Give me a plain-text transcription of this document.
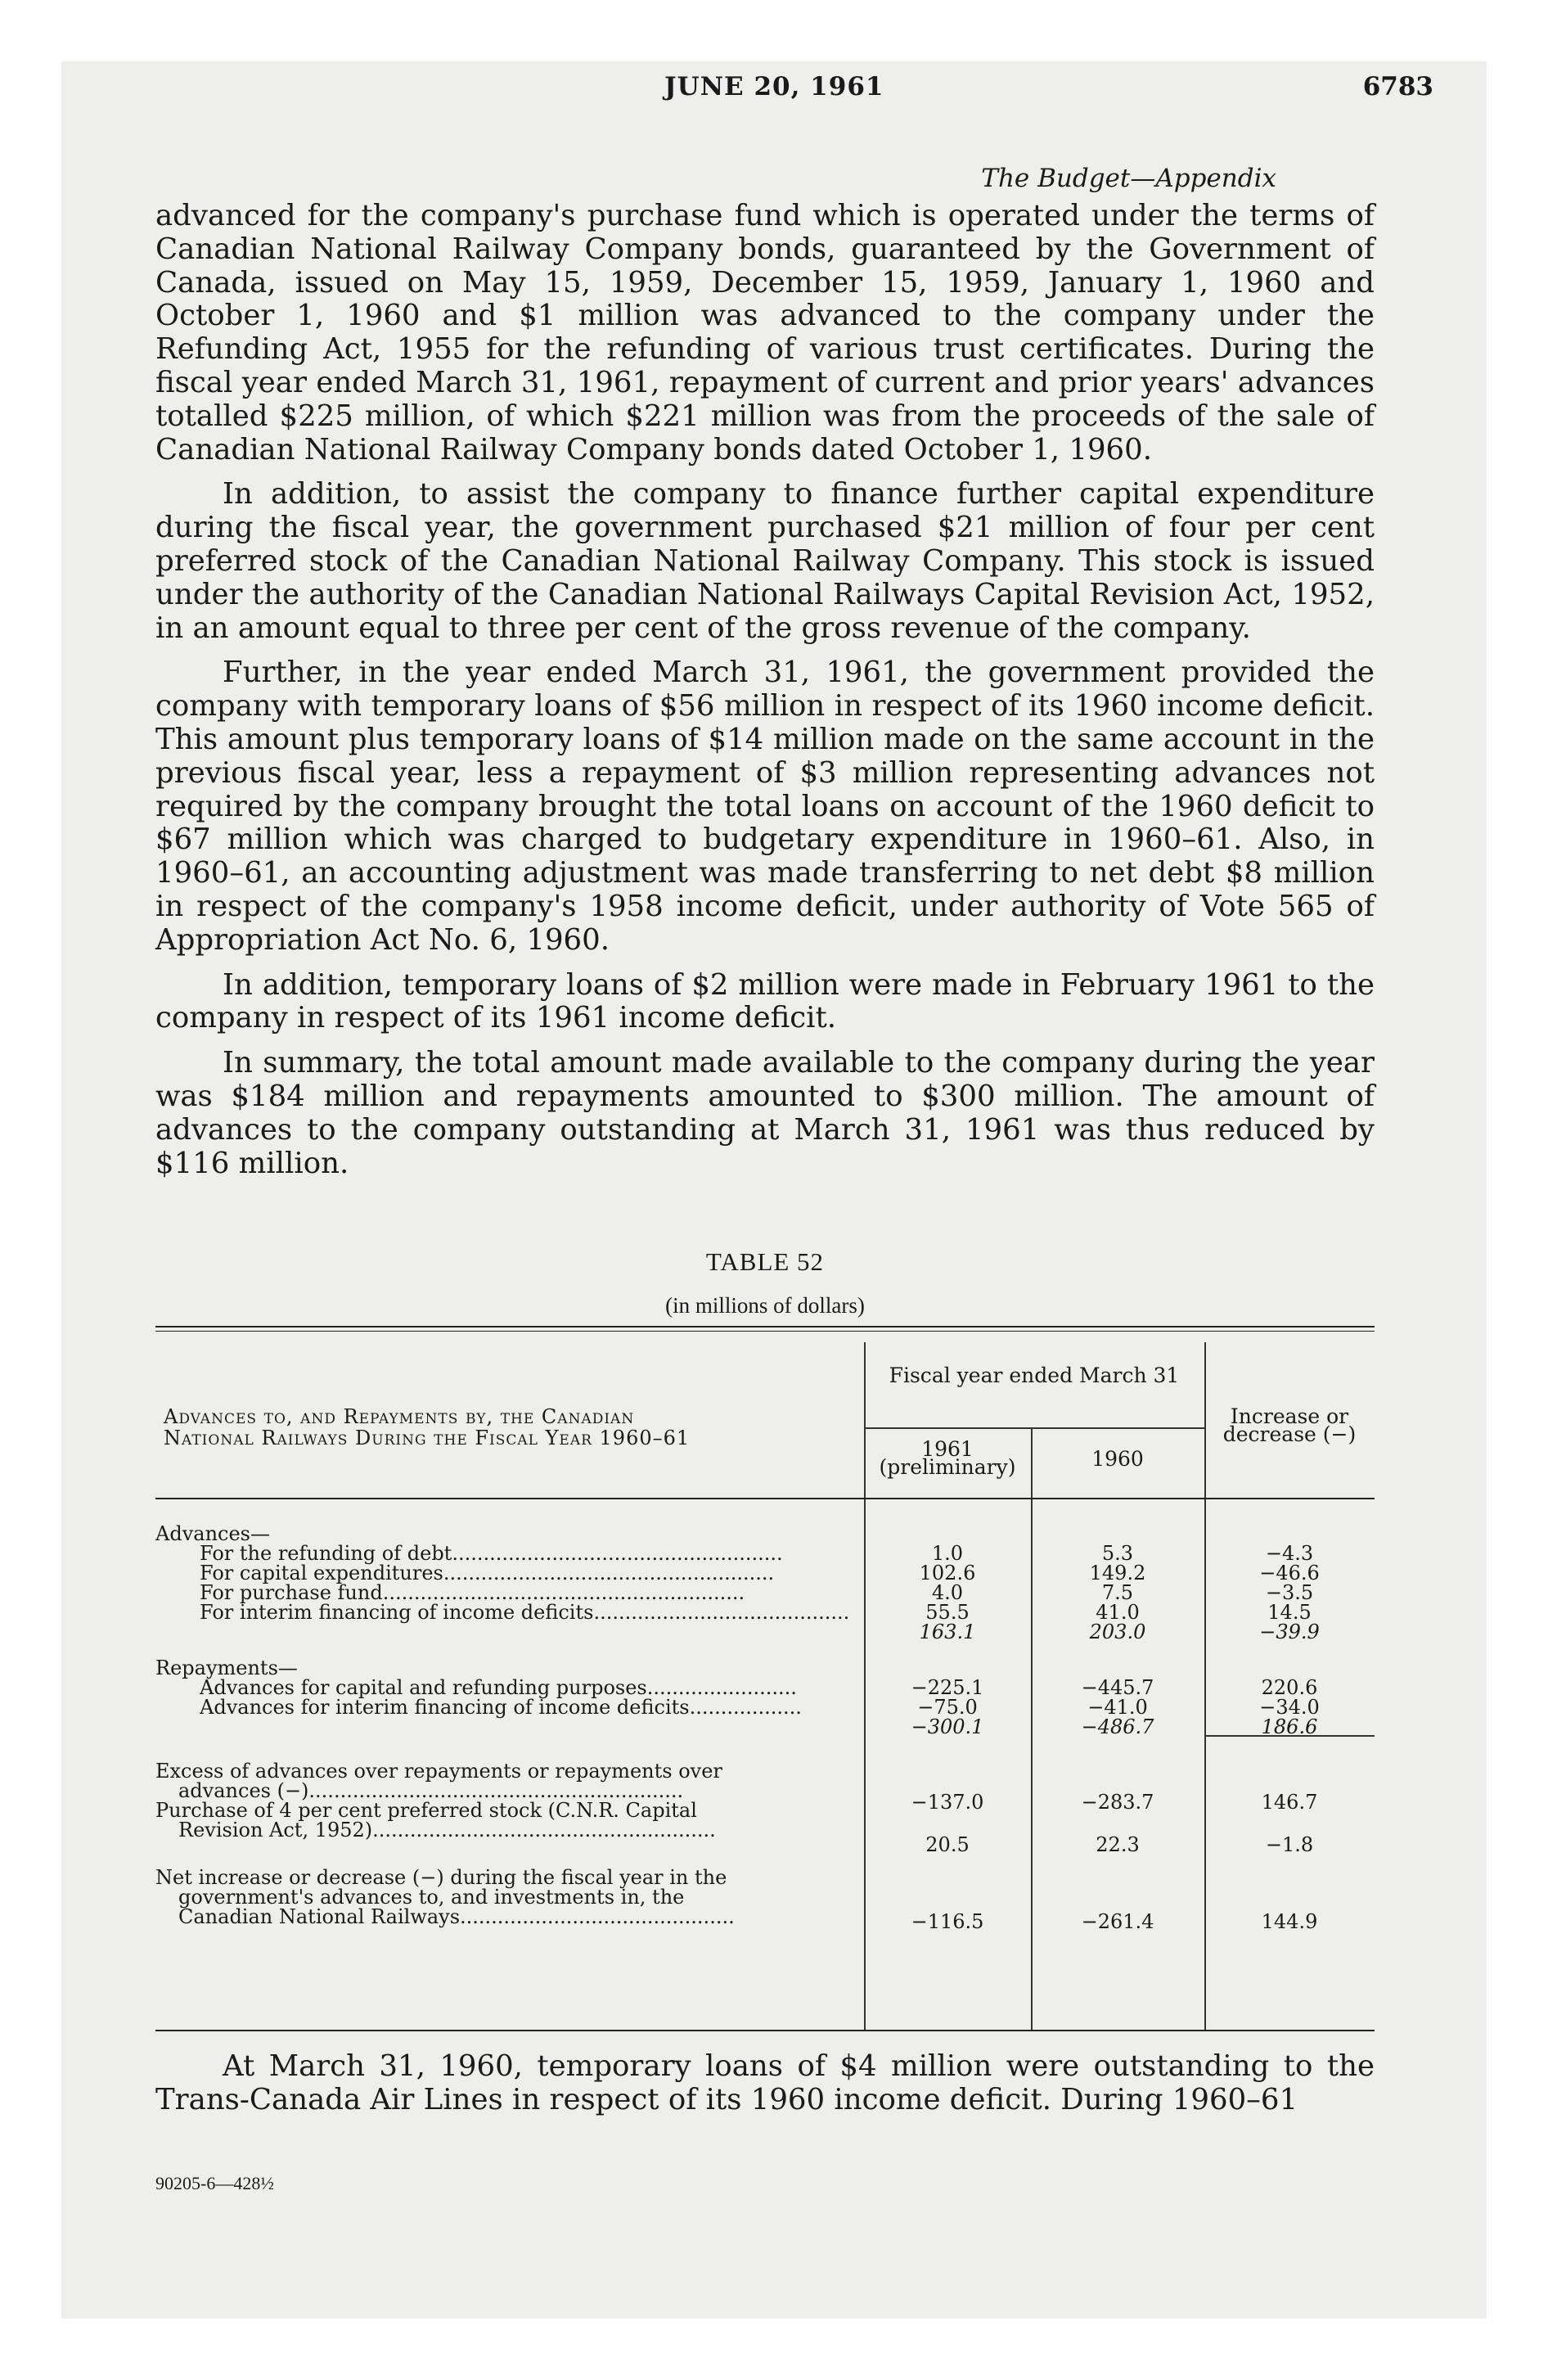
JUNE 20, 1961	6783
The Budget—Appendix

advanced for the company's purchase fund which is operated under the terms of Canadian National Railway Company bonds, guaranteed by the Government of Canada, issued on May 15, 1959, December 15, 1959, January 1, 1960 and October 1, 1960 and $1 million was advanced to the company under the Refunding Act, 1955 for the refunding of various trust certificates. During the fiscal year ended March 31, 1961, repayment of current and prior years' advances totalled $225 million, of which $221 million was from the proceeds of the sale of Canadian National Railway Company bonds dated October 1, 1960.

In addition, to assist the company to finance further capital expenditure during the fiscal year, the government purchased $21 million of four per cent preferred stock of the Canadian National Railway Company. This stock is issued under the authority of the Canadian National Railways Capital Revision Act, 1952, in an amount equal to three per cent of the gross revenue of the company.

Further, in the year ended March 31, 1961, the government provided the company with temporary loans of $56 million in respect of its 1960 income deficit. This amount plus temporary loans of $14 million made on the same account in the previous fiscal year, less a repayment of $3 million representing advances not required by the company brought the total loans on account of the 1960 deficit to $67 million which was charged to budgetary expenditure in 1960–61. Also, in 1960–61, an accounting adjustment was made transferring to net debt $8 million in respect of the company's 1958 income deficit, under authority of Vote 565 of Appropriation Act No. 6, 1960.

In addition, temporary loans of $2 million were made in February 1961 to the company in respect of its 1961 income deficit.

In summary, the total amount made available to the company during the year was $184 million and repayments amounted to $300 million. The amount of advances to the company outstanding at March 31, 1961 was thus reduced by $116 million.

TABLE 52
(in millions of dollars)
Advances to, and Repayments by, the Canadian
National Railways During the Fiscal Year 1960–61
Fiscal year ended March 31
1961 (preliminary)	1960
Increase or decrease (−)
Advances—
For the refunding of debt.....................................................	1.0	5.3	−4.3
For capital expenditures.....................................................	102.6	149.2	−46.6
For purchase fund..........................................................	4.0	7.5	−3.5
For interim financing of income deficits.........................................	55.5	41.0	14.5
163.1	203.0	−39.9
Repayments—
Advances for capital and refunding purposes........................	−225.1	−445.7	220.6
Advances for interim financing of income deficits..................	−75.0	−41.0	−34.0
−300.1	−486.7	186.6
Excess of advances over repayments or repayments over
advances (−)............................................................	−137.0	−283.7	146.7
Purchase of 4 per cent preferred stock (C.N.R. Capital
Revision Act, 1952).......................................................
20.5	22.3	−1.8
Net increase or decrease (−) during the fiscal year in the
government's advances to, and investments in, the
Canadian National Railways............................................	−116.5	−261.4	144.9

At March 31, 1960, temporary loans of $4 million were outstanding to the Trans-Canada Air Lines in respect of its 1960 income deficit. During 1960–61

90205-6—428½
